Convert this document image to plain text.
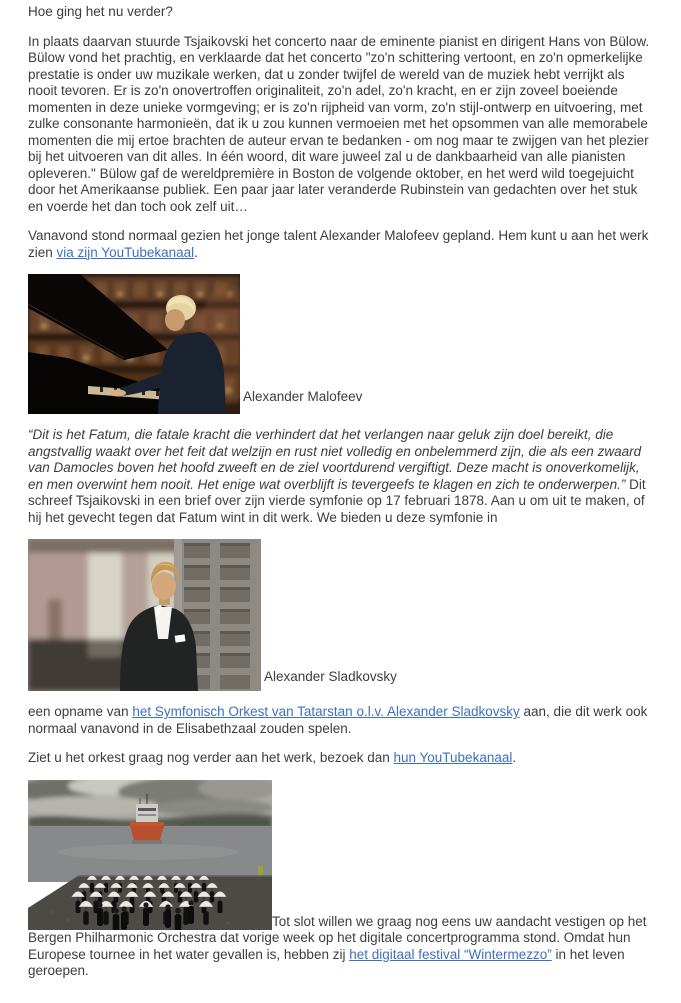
Hoe ging het nu verder?

In plaats daarvan stuurde Tsjaikovski het concerto naar de eminente pianist en dirigent Hans von Bülow. Bülow vond het prachtig, en verklaarde dat het concerto "zo'n schittering vertoont, en zo'n opmerkelijke prestatie is onder uw muzikale werken, dat u zonder twijfel de wereld van de muziek hebt verrijkt als nooit tevoren. Er is zo'n onovertroffen originaliteit, zo'n adel, zo'n kracht, en er zijn zoveel boeiende momenten in deze unieke vormgeving; er is zo'n rijpheid van vorm, zo'n stijl-ontwerp en uitvoering, met zulke consonante harmonieën, dat ik u zou kunnen vermoeien met het opsommen van alle memorabele momenten die mij ertoe brachten de auteur ervan te bedanken - om nog maar te zwijgen van het plezier bij het uitvoeren van dit alles. In één woord, dit ware juweel zal u de dankbaarheid van alle pianisten opleveren." Bülow gaf de wereldpremière in Boston de volgende oktober, en het werd wild toegejuicht door het Amerikaanse publiek. Een paar jaar later veranderde Rubinstein van gedachten over het stuk en voerde het dan toch ook zelf uit…

Vanavond stond normaal gezien het jonge talent Alexander Malofeev gepland. Hem kunt u aan het werk zien via zijn YouTubekanaal.

Alexander Malofeev

“Dit is het Fatum, die fatale kracht die verhindert dat het verlangen naar geluk zijn doel bereikt, die angstvallig waakt over het feit dat welzijn en rust niet volledig en onbelemmerd zijn, die als een zwaard van Damocles boven het hoofd zweeft en de ziel voortdurend vergiftigt. Deze macht is onoverkomelijk, en men overwint hem nooit. Het enige wat overblijft is tevergeefs te klagen en zich te onderwerpen.” Dit schreef Tsjaikovski in een brief over zijn vierde symfonie op 17 februari 1878. Aan u om uit te maken, of hij het gevecht tegen dat Fatum wint in dit werk. We bieden u deze symfonie in

Alexander Sladkovsky

een opname van het Symfonisch Orkest van Tatarstan o.l.v. Alexander Sladkovsky aan, die dit werk ook normaal vanavond in de Elisabethzaal zouden spelen.

Ziet u het orkest graag nog verder aan het werk, bezoek dan hun YouTubekanaal.

Tot slot willen we graag nog eens uw aandacht vestigen op het Bergen Philharmonic Orchestra dat vorige week op het digitale concertprogramma stond. Omdat hun Europese tournee in het water gevallen is, hebben zij het digitaal festival “Wintermezzo” in het leven geroepen.
